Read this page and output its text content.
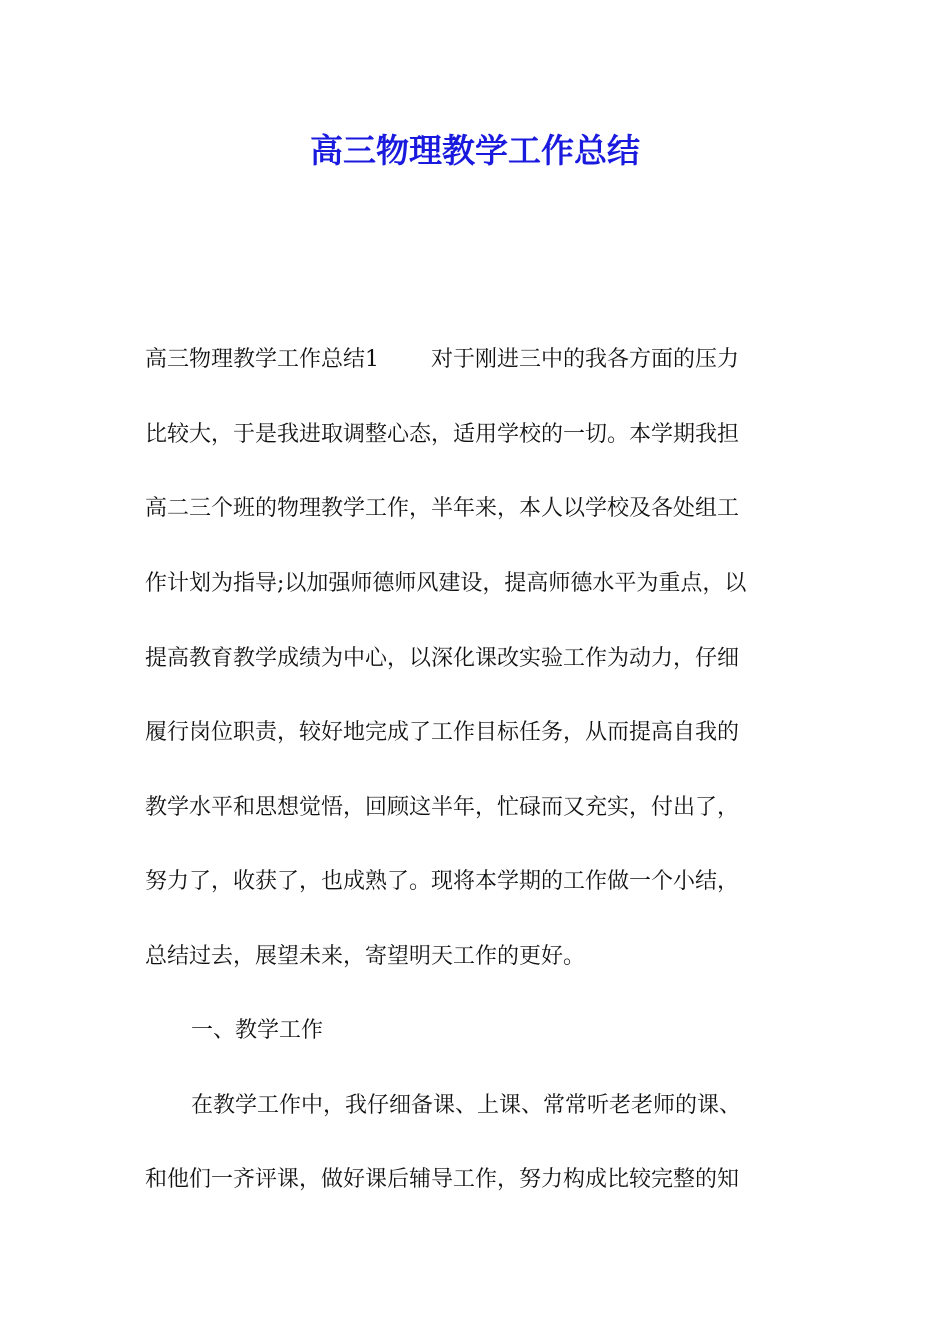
高三物理教学工作总结
高三物理教学工作总结1 对于刚进三中的我各方面的压力
比较大，于是我进取调整心态，适用学校的一切。本学期我担
高二三个班的物理教学工作，半年来，本人以学校及各处组工
作计划为指导;以加强师德师风建设，提高师德水平为重点，以
提高教育教学成绩为中心，以深化课改实验工作为动力，仔细
履行岗位职责，较好地完成了工作目标任务，从而提高自我的
教学水平和思想觉悟，回顾这半年，忙碌而又充实，付出了，
努力了，收获了，也成熟了。现将本学期的工作做一个小结，
总结过去，展望未来，寄望明天工作的更好。
一、教学工作
在教学工作中，我仔细备课、上课、常常听老老师的课、
和他们一齐评课，做好课后辅导工作，努力构成比较完整的知
